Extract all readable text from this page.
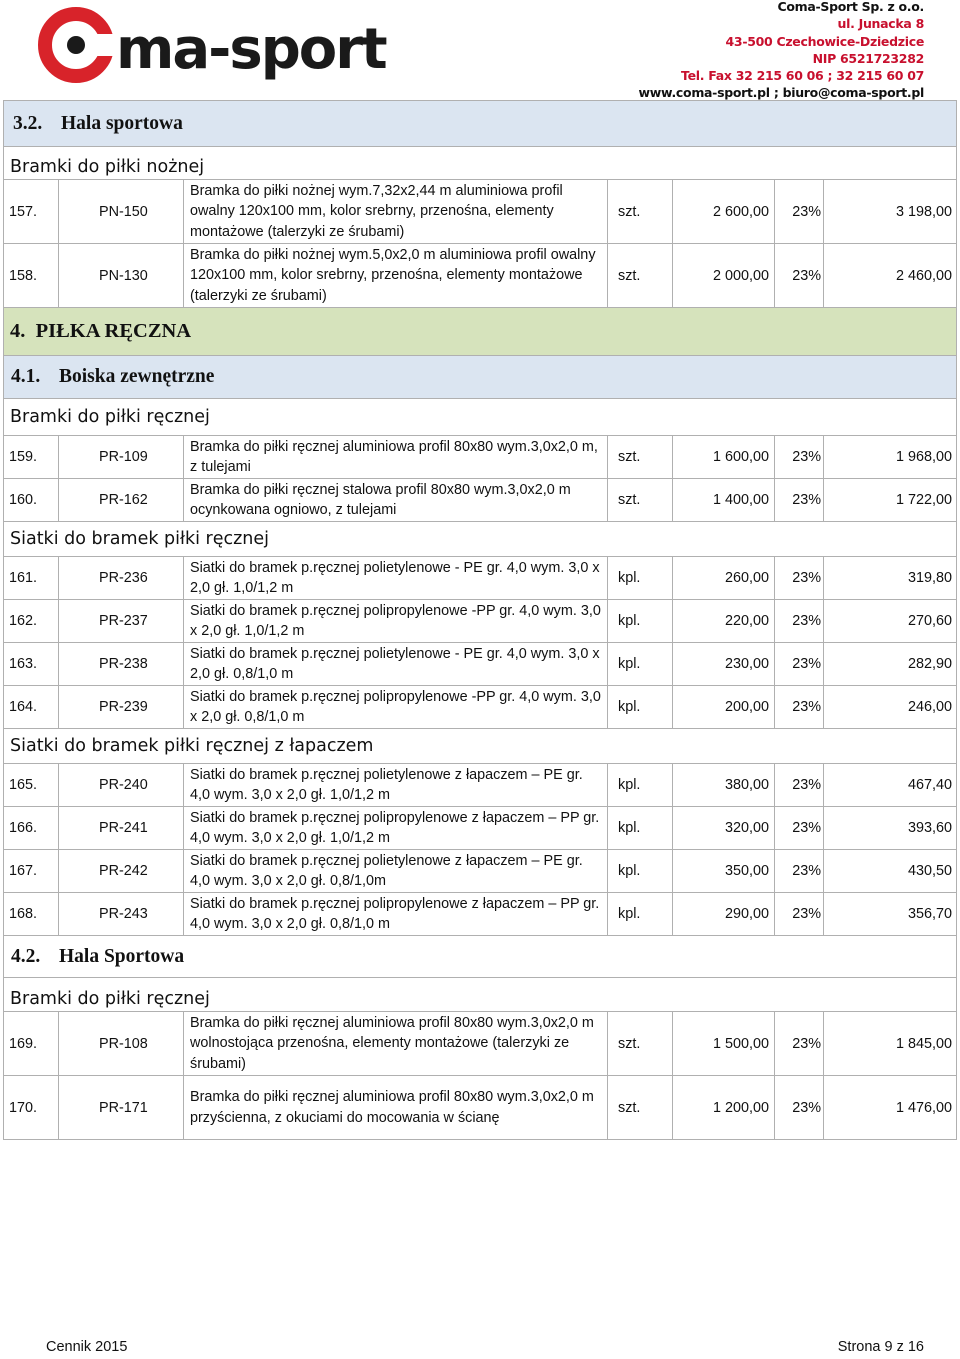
ma-sport
Coma-Sport Sp. z o.o.
ul. Junacka 8
43-500 Czechowice-Dziedzice
NIP 6521723282
Tel. Fax 32 215 60 06 ; 32 215 60 07
www.coma-sport.pl ; biuro@coma-sport.pl
3.2. Hala sportowa						
Bramki do piłki nożnej						
157.	PN-150	Bramka do piłki nożnej wym.7,32x2,44 m aluminiowa profil owalny 120x100 mm, kolor srebrny, przenośna, elementy montażowe (talerzyki ze śrubami)	szt.	2 600,00	23%	3 198,00
158.	PN-130	Bramka do piłki nożnej wym.5,0x2,0 m aluminiowa profil owalny 120x100 mm, kolor srebrny, przenośna, elementy montażowe (talerzyki ze śrubami)	szt.	2 000,00	23%	2 460,00
4. PIŁKA RĘCZNA						
4.1. Boiska zewnętrzne						
Bramki do piłki ręcznej						
159.	PR-109	Bramka do piłki ręcznej aluminiowa profil 80x80 wym.3,0x2,0 m, z tulejami	szt.	1 600,00	23%	1 968,00
160.	PR-162	Bramka do piłki ręcznej stalowa profil 80x80 wym.3,0x2,0 m ocynkowana ogniowo, z tulejami	szt.	1 400,00	23%	1 722,00
Siatki do bramek piłki ręcznej						
161.	PR-236	Siatki do bramek p.ręcznej polietylenowe - PE gr. 4,0 wym. 3,0 x 2,0 gł. 1,0/1,2 m	kpl.	260,00	23%	319,80
162.	PR-237	Siatki do bramek p.ręcznej polipropylenowe -PP gr. 4,0 wym. 3,0 x 2,0 gł. 1,0/1,2 m	kpl.	220,00	23%	270,60
163.	PR-238	Siatki do bramek p.ręcznej polietylenowe - PE gr. 4,0 wym. 3,0 x 2,0 gł. 0,8/1,0 m	kpl.	230,00	23%	282,90
164.	PR-239	Siatki do bramek p.ręcznej polipropylenowe -PP gr. 4,0 wym. 3,0 x 2,0 gł. 0,8/1,0 m	kpl.	200,00	23%	246,00
Siatki do bramek piłki ręcznej z łapaczem						
165.	PR-240	Siatki do bramek p.ręcznej polietylenowe z łapaczem – PE gr. 4,0 wym. 3,0 x 2,0 gł. 1,0/1,2 m	kpl.	380,00	23%	467,40
166.	PR-241	Siatki do bramek p.ręcznej polipropylenowe z łapaczem – PP gr. 4,0 wym. 3,0 x 2,0 gł. 1,0/1,2 m	kpl.	320,00	23%	393,60
167.	PR-242	Siatki do bramek p.ręcznej polietylenowe z łapaczem – PE gr. 4,0 wym. 3,0 x 2,0 gł. 0,8/1,0m	kpl.	350,00	23%	430,50
168.	PR-243	Siatki do bramek p.ręcznej polipropylenowe z łapaczem – PP gr. 4,0 wym. 3,0 x 2,0 gł. 0,8/1,0 m	kpl.	290,00	23%	356,70
4.2. Hala Sportowa						
Bramki do piłki ręcznej						
169.	PR-108	Bramka do piłki ręcznej aluminiowa profil 80x80 wym.3,0x2,0 m wolnostojąca przenośna, elementy montażowe (talerzyki ze śrubami)	szt.	1 500,00	23%	1 845,00
170.	PR-171	Bramka do piłki ręcznej aluminiowa profil 80x80 wym.3,0x2,0 m przyścienna, z okuciami do mocowania w ścianę	szt.	1 200,00	23%	1 476,00
Cennik 2015	Strona 9 z 16
